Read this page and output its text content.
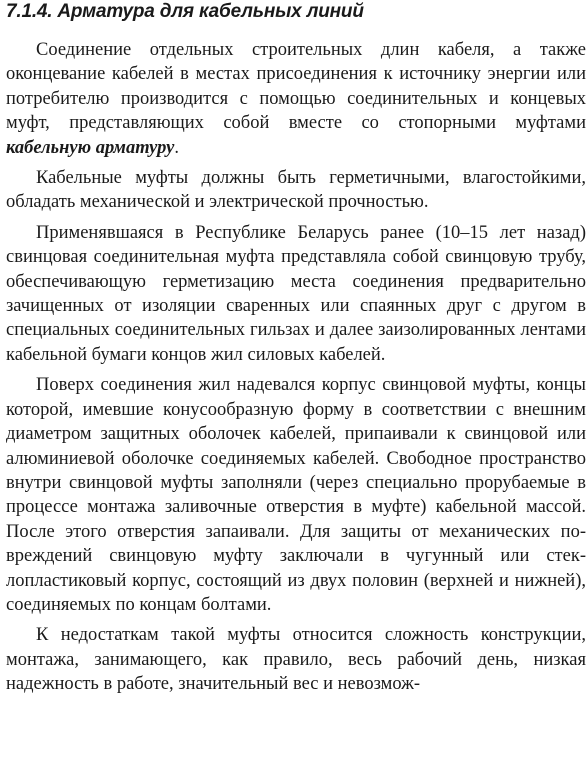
7.1.4. Арматура для кабельных линий

Соединение отдельных строительных длин кабеля, а также оконцевание кабелей в местах присоединения к источнику энергии или потребителю производится с помощью соединительных и концевых муфт, представляющих собой вместе со стопорными муфтами кабельную арматуру.

Кабельные муфты должны быть герметичными, влагостойкими, обладать механической и электрической прочностью.

Применявшаяся в Республике Беларусь ранее (10–15 лет назад) свинцовая соединительная муфта представляла собой свинцовую трубу, обеспечивающую герметизацию места соединения предварительно зачищенных от изоляции сваренных или спаянных друг с другом в специальных соединительных гильзах и далее заизолированных лентами кабельной бумаги концов жил силовых кабелей.

Поверх соединения жил надевался корпус свинцовой муфты, концы которой, имевшие конусообразную форму в соответствии с внешним диаметром защитных оболочек кабелей, припаивали к свинцовой или алюминиевой оболочке соединяемых кабелей. Свободное пространство внутри свинцовой муфты заполняли (через специально прорубаемые в процессе монтажа заливочные отверстия в муфте) кабельной массой. После этого отверстия запаивали. Для защиты от механических повреждений свинцовую муфту заключали в чугунный или стеклопластиковый корпус, состоящий из двух половин (верхней и нижней), соединяемых по концам болтами.

К недостаткам такой муфты относится сложность конструкции, монтажа, занимающего, как правило, весь рабочий день, низкая надежность в работе, значительный вес и невозмож-
